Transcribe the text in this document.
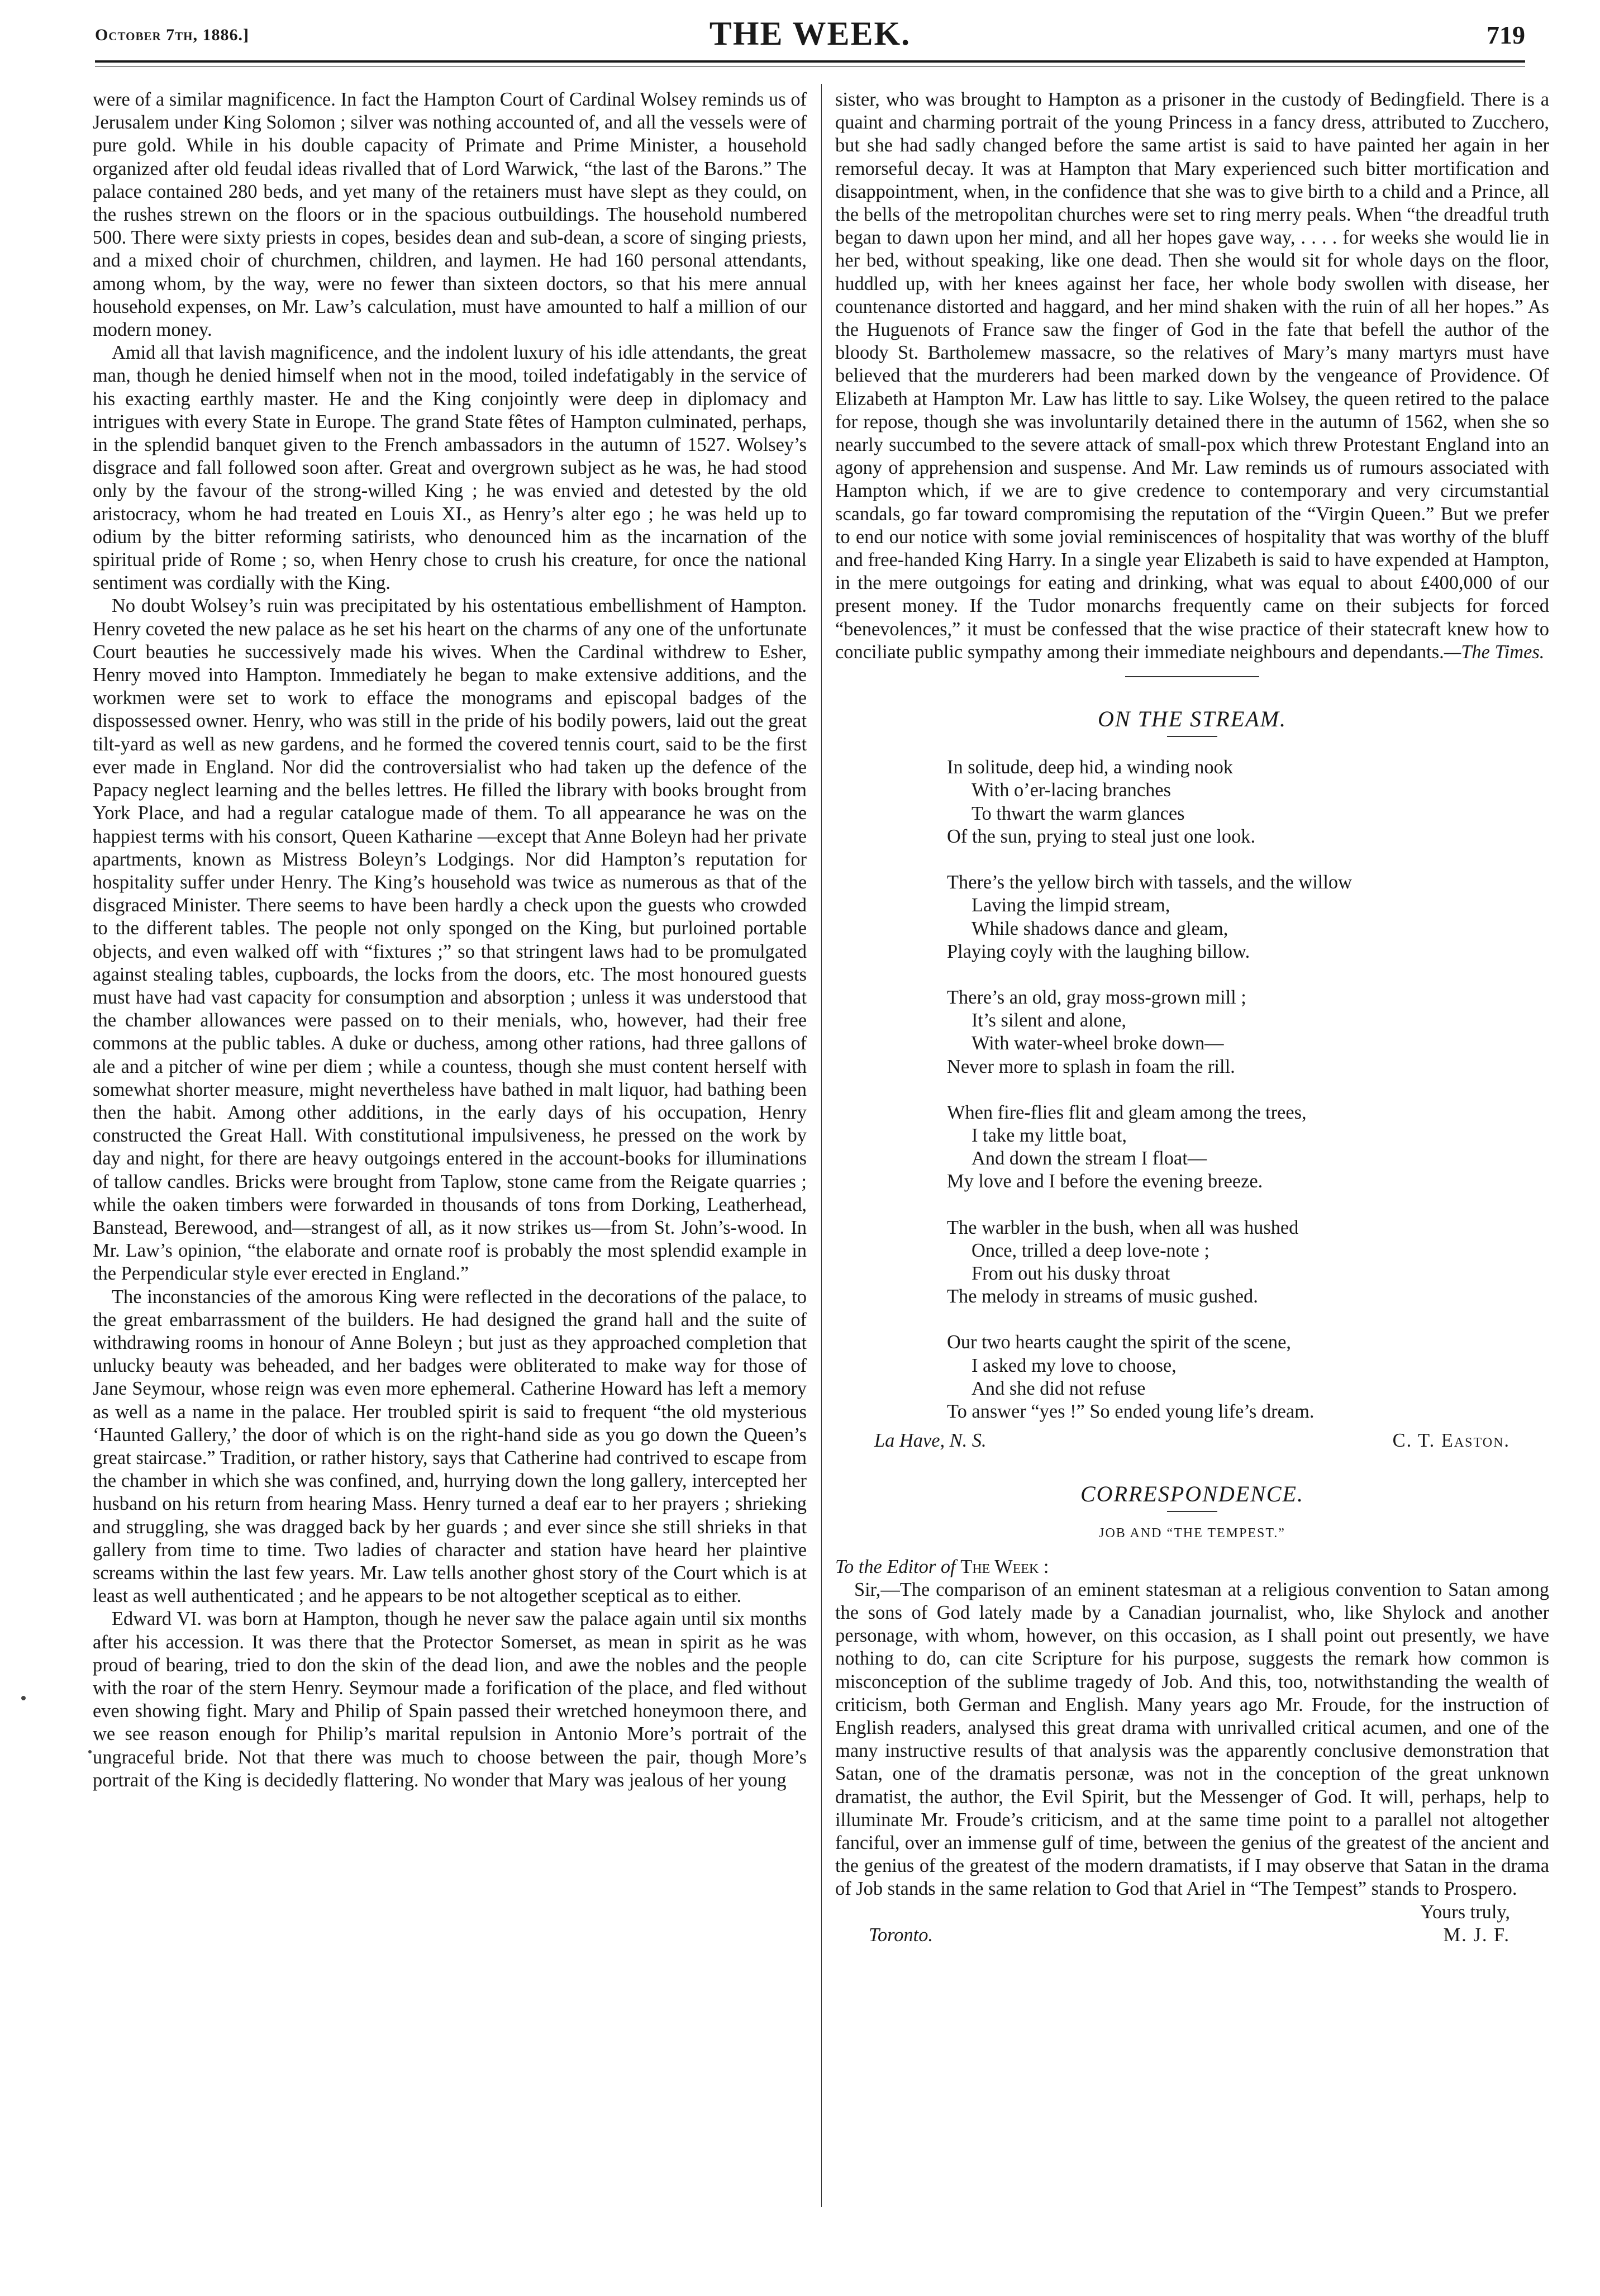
October 7th, 1886.]	THE WEEK.	719

were of a similar magnificence. In fact the Hampton Court of Cardinal Wolsey reminds us of Jerusalem under King Solomon ; silver was nothing accounted of, and all the vessels were of pure gold. While in his double capacity of Primate and Prime Minister, a household organized after old feudal ideas rivalled that of Lord Warwick, “the last of the Barons.” The palace contained 280 beds, and yet many of the retainers must have slept as they could, on the rushes strewn on the floors or in the spacious outbuildings. The household numbered 500. There were sixty priests in copes, besides dean and sub-dean, a score of singing priests, and a mixed choir of churchmen, children, and laymen. He had 160 personal attendants, among whom, by the way, were no fewer than sixteen doctors, so that his mere annual household expenses, on Mr. Law’s calculation, must have amounted to half a million of our modern money.

Amid all that lavish magnificence, and the indolent luxury of his idle attendants, the great man, though he denied himself when not in the mood, toiled indefatigably in the service of his exacting earthly master. He and the King conjointly were deep in diplomacy and intrigues with every State in Europe. The grand State fêtes of Hampton culminated, perhaps, in the splendid banquet given to the French ambassadors in the autumn of 1527. Wolsey’s disgrace and fall followed soon after. Great and overgrown subject as he was, he had stood only by the favour of the strong-willed King ; he was envied and detested by the old aristocracy, whom he had treated en Louis XI., as Henry’s alter ego ; he was held up to odium by the bitter reforming satirists, who denounced him as the incarnation of the spiritual pride of Rome ; so, when Henry chose to crush his creature, for once the national sentiment was cordially with the King.

No doubt Wolsey’s ruin was precipitated by his ostentatious embellishment of Hampton. Henry coveted the new palace as he set his heart on the charms of any one of the unfortunate Court beauties he successively made his wives. When the Cardinal withdrew to Esher, Henry moved into Hampton. Immediately he began to make extensive additions, and the workmen were set to work to efface the monograms and episcopal badges of the dispossessed owner. Henry, who was still in the pride of his bodily powers, laid out the great tilt-yard as well as new gardens, and he formed the covered tennis court, said to be the first ever made in England. Nor did the controversialist who had taken up the defence of the Papacy neglect learning and the belles lettres. He filled the library with books brought from York Place, and had a regular catalogue made of them. To all appearance he was on the happiest terms with his consort, Queen Katharine —except that Anne Boleyn had her private apartments, known as Mistress Boleyn’s Lodgings. Nor did Hampton’s reputation for hospitality suffer under Henry. The King’s household was twice as numerous as that of the disgraced Minister. There seems to have been hardly a check upon the guests who crowded to the different tables. The people not only sponged on the King, but purloined portable objects, and even walked off with “fixtures ;” so that stringent laws had to be promulgated against stealing tables, cupboards, the locks from the doors, etc. The most honoured guests must have had vast capacity for consumption and absorption ; unless it was understood that the chamber allowances were passed on to their menials, who, however, had their free commons at the public tables. A duke or duchess, among other rations, had three gallons of ale and a pitcher of wine per diem ; while a countess, though she must content herself with somewhat shorter measure, might nevertheless have bathed in malt liquor, had bathing been then the habit. Among other additions, in the early days of his occupation, Henry constructed the Great Hall. With constitutional impulsiveness, he pressed on the work by day and night, for there are heavy outgoings entered in the account-books for illuminations of tallow candles. Bricks were brought from Taplow, stone came from the Reigate quarries ; while the oaken timbers were forwarded in thousands of tons from Dorking, Leatherhead, Banstead, Berewood, and—strangest of all, as it now strikes us—from St. John’s-wood. In Mr. Law’s opinion, “the elaborate and ornate roof is probably the most splendid example in the Perpendicular style ever erected in England.”

The inconstancies of the amorous King were reflected in the decorations of the palace, to the great embarrassment of the builders. He had designed the grand hall and the suite of withdrawing rooms in honour of Anne Boleyn ; but just as they approached completion that unlucky beauty was beheaded, and her badges were obliterated to make way for those of Jane Seymour, whose reign was even more ephemeral. Catherine Howard has left a memory as well as a name in the palace. Her troubled spirit is said to frequent “the old mysterious ‘Haunted Gallery,’ the door of which is on the right-hand side as you go down the Queen’s great staircase.” Tradition, or rather history, says that Catherine had contrived to escape from the chamber in which she was confined, and, hurrying down the long gallery, intercepted her husband on his return from hearing Mass. Henry turned a deaf ear to her prayers ; shrieking and struggling, she was dragged back by her guards ; and ever since she still shrieks in that gallery from time to time. Two ladies of character and station have heard her plaintive screams within the last few years. Mr. Law tells another ghost story of the Court which is at least as well authenticated ; and he appears to be not altogether sceptical as to either.

Edward VI. was born at Hampton, though he never saw the palace again until six months after his accession. It was there that the Protector Somerset, as mean in spirit as he was proud of bearing, tried to don the skin of the dead lion, and awe the nobles and the people with the roar of the stern Henry. Seymour made a forification of the place, and fled without even showing fight. Mary and Philip of Spain passed their wretched honeymoon there, and we see reason enough for Philip’s marital repulsion in Antonio More’s portrait of the ungraceful bride. Not that there was much to choose between the pair, though More’s portrait of the King is decidedly flattering. No wonder that Mary was jealous of her young

sister, who was brought to Hampton as a prisoner in the custody of Bedingfield. There is a quaint and charming portrait of the young Princess in a fancy dress, attributed to Zucchero, but she had sadly changed before the same artist is said to have painted her again in her remorseful decay. It was at Hampton that Mary experienced such bitter mortification and disappointment, when, in the confidence that she was to give birth to a child and a Prince, all the bells of the metropolitan churches were set to ring merry peals. When “the dreadful truth began to dawn upon her mind, and all her hopes gave way, . . . . for weeks she would lie in her bed, without speaking, like one dead. Then she would sit for whole days on the floor, huddled up, with her knees against her face, her whole body swollen with disease, her countenance distorted and haggard, and her mind shaken with the ruin of all her hopes.” As the Huguenots of France saw the finger of God in the fate that befell the author of the bloody St. Bartholemew massacre, so the relatives of Mary’s many martyrs must have believed that the murderers had been marked down by the vengeance of Providence. Of Elizabeth at Hampton Mr. Law has little to say. Like Wolsey, the queen retired to the palace for repose, though she was involuntarily detained there in the autumn of 1562, when she so nearly succumbed to the severe attack of small-pox which threw Protestant England into an agony of apprehension and suspense. And Mr. Law reminds us of rumours associated with Hampton which, if we are to give credence to contemporary and very circumstantial scandals, go far toward compromising the reputation of the “Virgin Queen.” But we prefer to end our notice with some jovial reminiscences of hospitality that was worthy of the bluff and free-handed King Harry. In a single year Elizabeth is said to have expended at Hampton, in the mere outgoings for eating and drinking, what was equal to about £400,000 of our present money. If the Tudor monarchs frequently came on their subjects for forced “benevolences,” it must be confessed that the wise practice of their statecraft knew how to conciliate public sympathy among their immediate neighbours and dependants.—The Times.

ON THE STREAM.
In solitude, deep hid, a winding nook
With o’er-lacing branches
To thwart the warm glances
Of the sun, prying to steal just one look.
There’s the yellow birch with tassels, and the willow
Laving the limpid stream,
While shadows dance and gleam,
Playing coyly with the laughing billow.
There’s an old, gray moss-grown mill ;
It’s silent and alone,
With water-wheel broke down—
Never more to splash in foam the rill.
When fire-flies flit and gleam among the trees,
I take my little boat,
And down the stream I float—
My love and I before the evening breeze.
The warbler in the bush, when all was hushed
Once, trilled a deep love-note ;
From out his dusky throat
The melody in streams of music gushed.
Our two hearts caught the spirit of the scene,
I asked my love to choose,
And she did not refuse
To answer “yes !” So ended young life’s dream.
La Have, N. S.	C. T. Easton.
CORRESPONDENCE.
JOB AND “THE TEMPEST.”

To the Editor of The Week :

Sir,—The comparison of an eminent statesman at a religious convention to Satan among the sons of God lately made by a Canadian journalist, who, like Shylock and another personage, with whom, however, on this occasion, as I shall point out presently, we have nothing to do, can cite Scripture for his purpose, suggests the remark how common is misconception of the sublime tragedy of Job. And this, too, notwithstanding the wealth of criticism, both German and English. Many years ago Mr. Froude, for the instruction of English readers, analysed this great drama with unrivalled critical acumen, and one of the many instructive results of that analysis was the apparently conclusive demonstration that Satan, one of the dramatis personæ, was not in the conception of the great unknown dramatist, the author, the Evil Spirit, but the Messenger of God. It will, perhaps, help to illuminate Mr. Froude’s criticism, and at the same time point to a parallel not altogether fanciful, over an immense gulf of time, between the genius of the greatest of the ancient and the genius of the greatest of the modern dramatists, if I may observe that Satan in the drama of Job stands in the same relation to God that Ariel in “The Tempest” stands to Prospero.

Yours truly,
Toronto.	M. J. F.
